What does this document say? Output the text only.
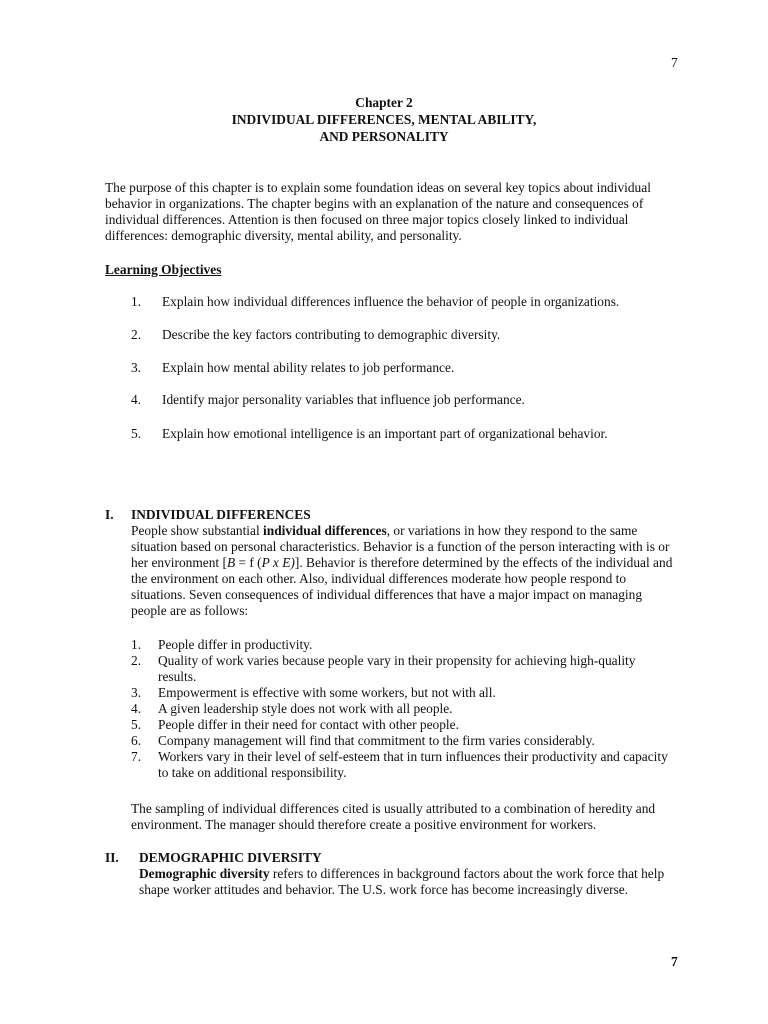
7
Chapter 2
INDIVIDUAL DIFFERENCES, MENTAL ABILITY,
AND PERSONALITY
The purpose of this chapter is to explain some foundation ideas on several key topics about individual behavior in organizations. The chapter begins with an explanation of the nature and consequences of individual differences. Attention is then focused on three major topics closely linked to individual differences: demographic diversity, mental ability, and personality.
Learning Objectives
1. Explain how individual differences influence the behavior of people in organizations.
2. Describe the key factors contributing to demographic diversity.
3. Explain how mental ability relates to job performance.
4. Identify major personality variables that influence job performance.
5. Explain how emotional intelligence is an important part of organizational behavior.
I. INDIVIDUAL DIFFERENCES
People show substantial individual differences, or variations in how they respond to the same situation based on personal characteristics. Behavior is a function of the person interacting with is or her environment [B = f (P x E)]. Behavior is therefore determined by the effects of the individual and the environment on each other. Also, individual differences moderate how people respond to situations. Seven consequences of individual differences that have a major impact on managing people are as follows:
1. People differ in productivity.
2. Quality of work varies because people vary in their propensity for achieving high-quality results.
3. Empowerment is effective with some workers, but not with all.
4. A given leadership style does not work with all people.
5. People differ in their need for contact with other people.
6. Company management will find that commitment to the firm varies considerably.
7. Workers vary in their level of self-esteem that in turn influences their productivity and capacity to take on additional responsibility.
The sampling of individual differences cited is usually attributed to a combination of heredity and environment. The manager should therefore create a positive environment for workers.
II. DEMOGRAPHIC DIVERSITY
Demographic diversity refers to differences in background factors about the work force that help shape worker attitudes and behavior. The U.S. work force has become increasingly diverse.
7
